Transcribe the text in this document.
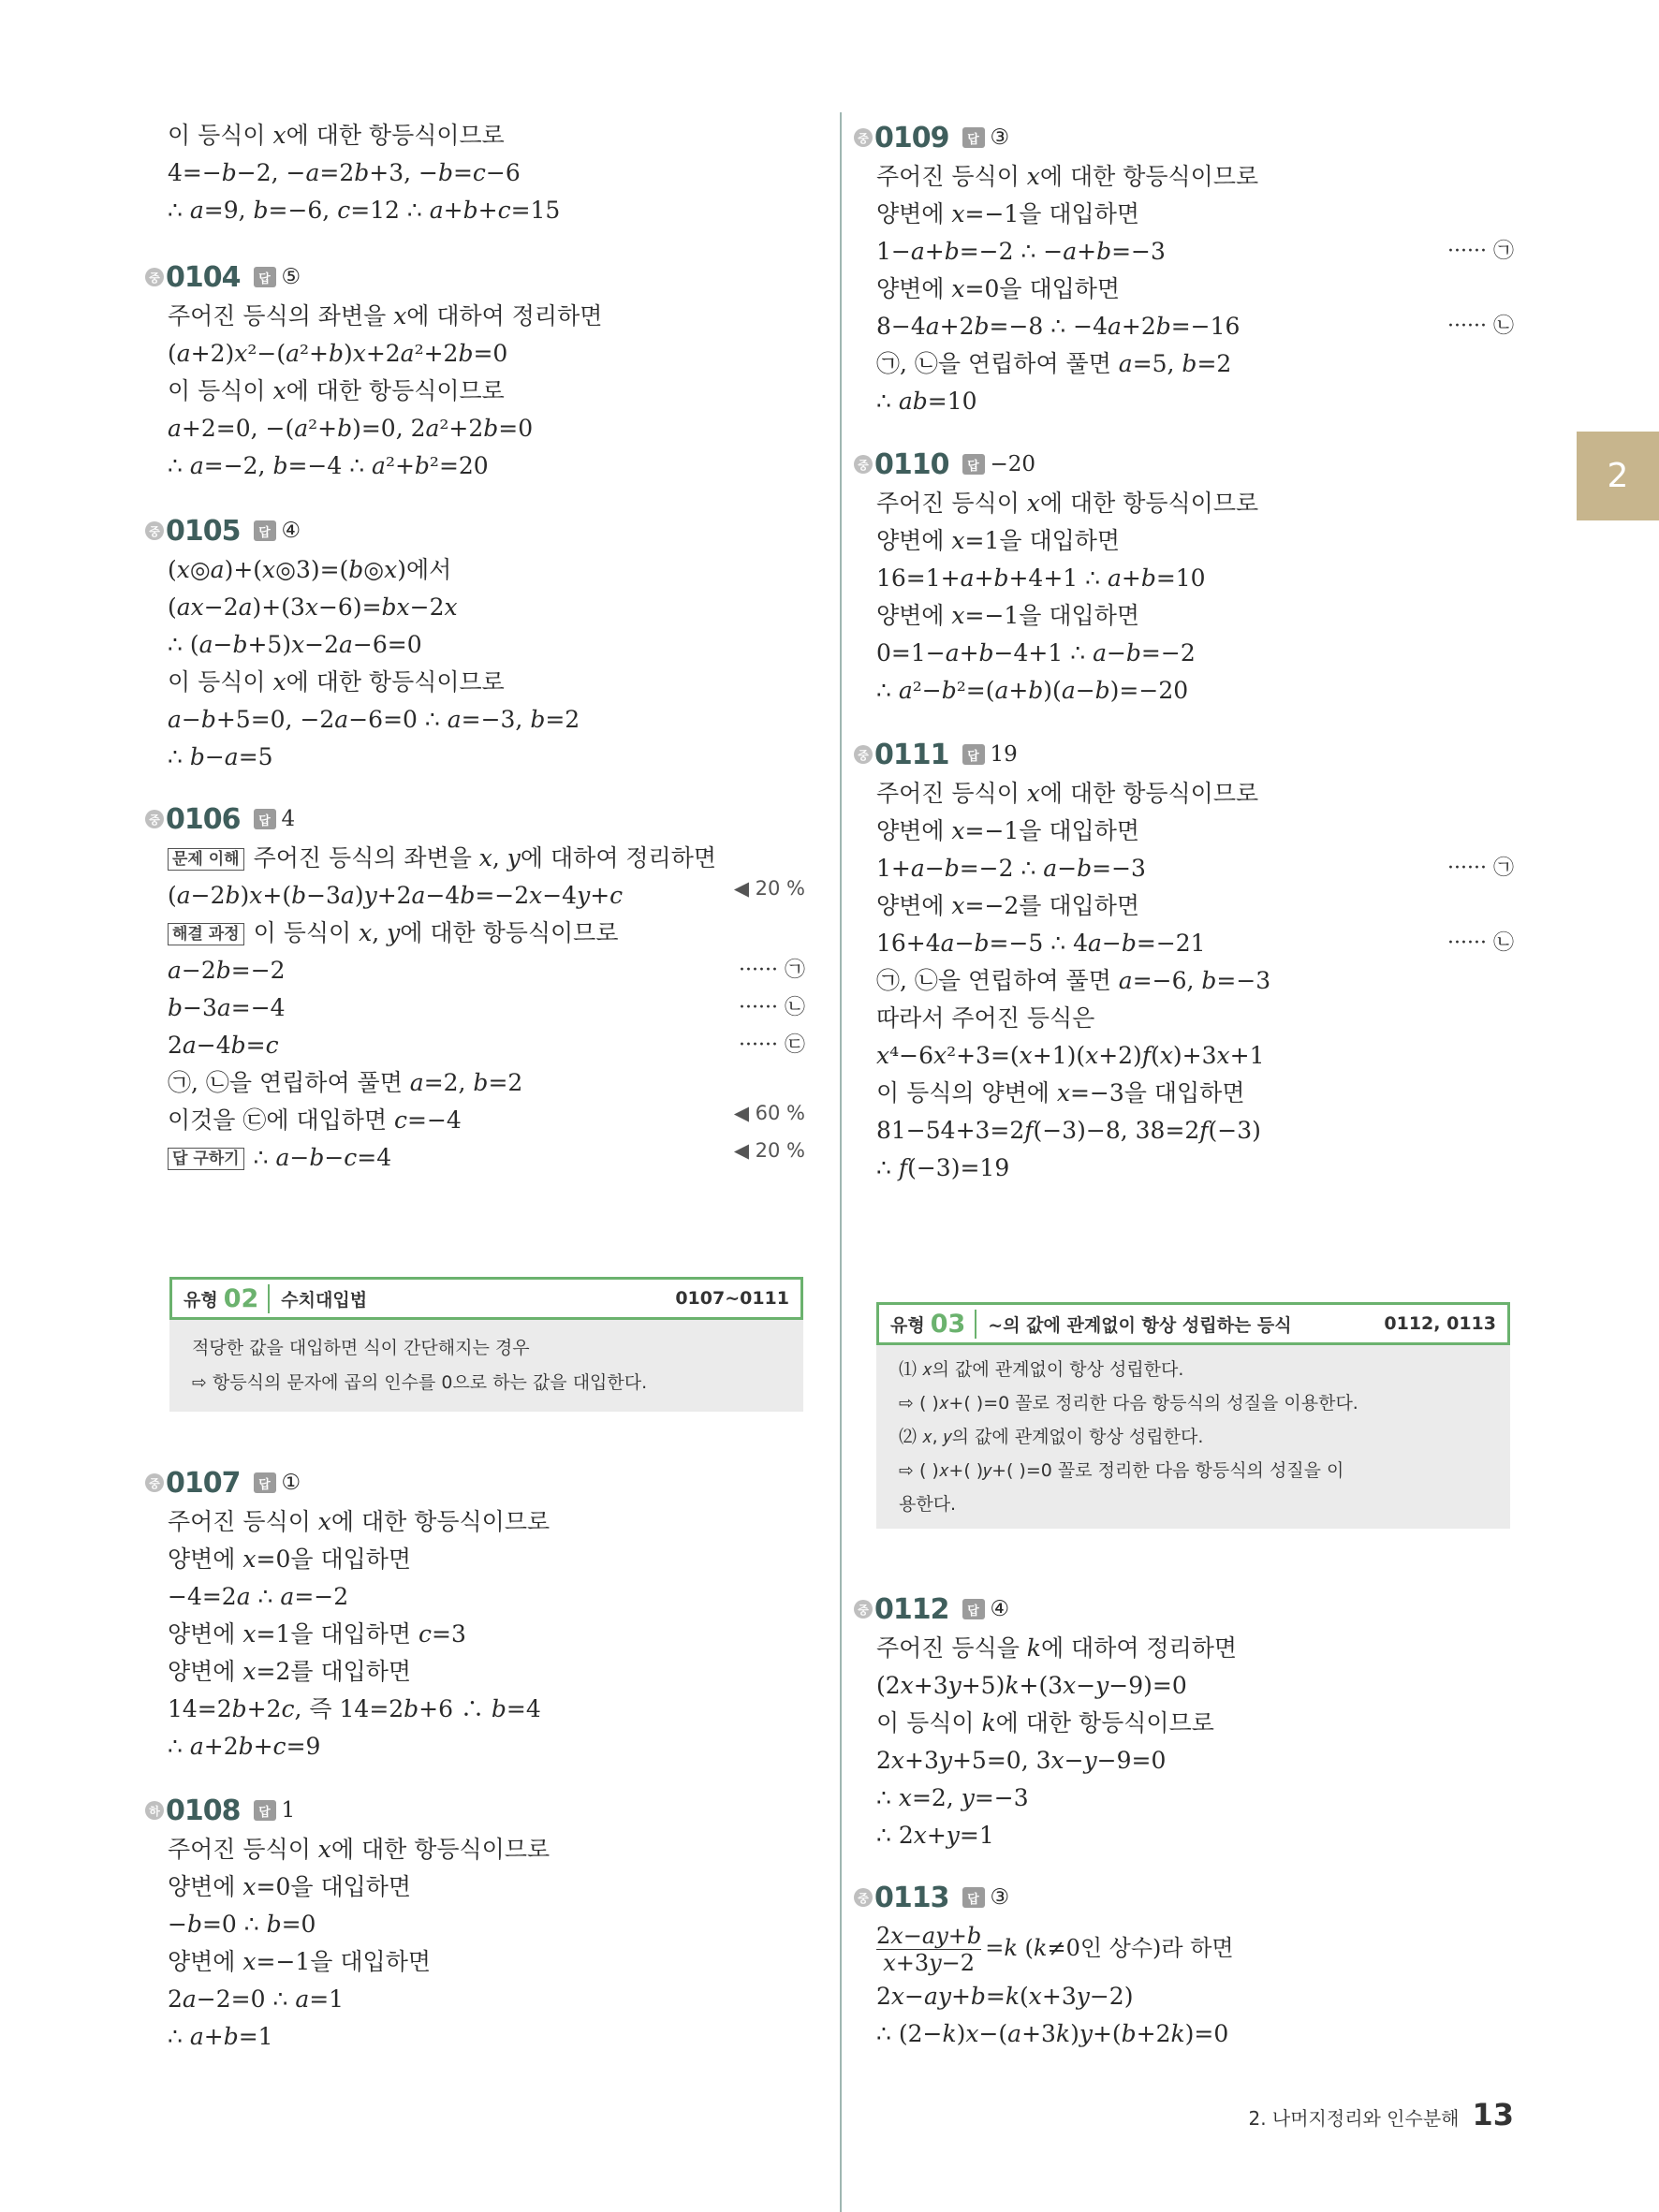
2
이 등식이 𝑥에 대한 항등식이므로
4=−𝑏−2, −𝑎=2𝑏+3, −𝑏=𝑐−6
∴ 𝑎=9, 𝑏=−6, 𝑐=12 ∴ 𝑎+𝑏+𝑐=15
중 0104	답 ⑤
주어진 등식의 좌변을 𝑥에 대하여 정리하면
(𝑎+2)𝑥²−(𝑎²+𝑏)𝑥+2𝑎²+2𝑏=0
이 등식이 𝑥에 대한 항등식이므로
𝑎+2=0, −(𝑎²+𝑏)=0, 2𝑎²+2𝑏=0
∴ 𝑎=−2, 𝑏=−4 ∴ 𝑎²+𝑏²=20
중 0105	답 ④
(𝑥◎𝑎)+(𝑥◎3)=(𝑏◎𝑥)에서
(𝑎𝑥−2𝑎)+(3𝑥−6)=𝑏𝑥−2𝑥
∴ (𝑎−𝑏+5)𝑥−2𝑎−6=0
이 등식이 𝑥에 대한 항등식이므로
𝑎−𝑏+5=0, −2𝑎−6=0 ∴ 𝑎=−3, 𝑏=2
∴ 𝑏−𝑎=5
중 0106	답 4
문제 이해 주어진 등식의 좌변을 𝑥, 𝑦에 대하여 정리하면
(𝑎−2𝑏)𝑥+(𝑏−3𝑎)𝑦+2𝑎−4𝑏=−2𝑥−4𝑦+𝑐	◀ 20 %
해결 과정 이 등식이 𝑥, 𝑦에 대한 항등식이므로
𝑎−2𝑏=−2	······ ㉠
𝑏−3𝑎=−4	······ ㉡
2𝑎−4𝑏=𝑐	······ ㉢
㉠, ㉡을 연립하여 풀면 𝑎=2, 𝑏=2
이것을 ㉢에 대입하면 𝑐=−4	◀ 60 %
답 구하기 ∴ 𝑎−𝑏−𝑐=4	◀ 20 %
유형 02	수치대입법	0107~0111
적당한 값을 대입하면 식이 간단해지는 경우
⇨ 항등식의 문자에 곱의 인수를 0으로 하는 값을 대입한다.
중 0107	답 ①
주어진 등식이 𝑥에 대한 항등식이므로
양변에 𝑥=0을 대입하면
−4=2𝑎 ∴ 𝑎=−2
양변에 𝑥=1을 대입하면 𝑐=3
양변에 𝑥=2를 대입하면
14=2𝑏+2𝑐, 즉 14=2𝑏+6 ∴ 𝑏=4
∴ 𝑎+2𝑏+𝑐=9
하 0108	답 1
주어진 등식이 𝑥에 대한 항등식이므로
양변에 𝑥=0을 대입하면
−𝑏=0 ∴ 𝑏=0
양변에 𝑥=−1을 대입하면
2𝑎−2=0 ∴ 𝑎=1
∴ 𝑎+𝑏=1
중 0109	답 ③
주어진 등식이 𝑥에 대한 항등식이므로
양변에 𝑥=−1을 대입하면
1−𝑎+𝑏=−2 ∴ −𝑎+𝑏=−3	······ ㉠
양변에 𝑥=0을 대입하면
8−4𝑎+2𝑏=−8 ∴ −4𝑎+2𝑏=−16	······ ㉡
㉠, ㉡을 연립하여 풀면 𝑎=5, 𝑏=2
∴ 𝑎𝑏=10
중 0110	답 −20
주어진 등식이 𝑥에 대한 항등식이므로
양변에 𝑥=1을 대입하면
16=1+𝑎+𝑏+4+1 ∴ 𝑎+𝑏=10
양변에 𝑥=−1을 대입하면
0=1−𝑎+𝑏−4+1 ∴ 𝑎−𝑏=−2
∴ 𝑎²−𝑏²=(𝑎+𝑏)(𝑎−𝑏)=−20
중 0111	답 19
주어진 등식이 𝑥에 대한 항등식이므로
양변에 𝑥=−1을 대입하면
1+𝑎−𝑏=−2 ∴ 𝑎−𝑏=−3	······ ㉠
양변에 𝑥=−2를 대입하면
16+4𝑎−𝑏=−5 ∴ 4𝑎−𝑏=−21	······ ㉡
㉠, ㉡을 연립하여 풀면 𝑎=−6, 𝑏=−3
따라서 주어진 등식은
𝑥⁴−6𝑥²+3=(𝑥+1)(𝑥+2)𝑓(𝑥)+3𝑥+1
이 등식의 양변에 𝑥=−3을 대입하면
81−54+3=2𝑓(−3)−8, 38=2𝑓(−3)
∴ 𝑓(−3)=19
유형 03	~의 값에 관계없이 항상 성립하는 등식	0112, 0113
⑴ 𝑥의 값에 관계없이 항상 성립한다.
⇨ ( )𝑥+( )=0 꼴로 정리한 다음 항등식의 성질을 이용한다.
⑵ 𝑥, 𝑦의 값에 관계없이 항상 성립한다.
⇨ ( )𝑥+( )𝑦+( )=0 꼴로 정리한 다음 항등식의 성질을 이
용한다.
중 0112	답 ④
주어진 등식을 𝑘에 대하여 정리하면
(2𝑥+3𝑦+5)𝑘+(3𝑥−𝑦−9)=0
이 등식이 𝑘에 대한 항등식이므로
2𝑥+3𝑦+5=0, 3𝑥−𝑦−9=0
∴ 𝑥=2, 𝑦=−3
∴ 2𝑥+𝑦=1
중 0113	답 ③
$\frac{\text{2𝑥−𝑎𝑦+𝑏}}{\text{𝑥+3𝑦−2}}$ =𝑘 (𝑘≠0인 상수)라 하면
2𝑥−𝑎𝑦+𝑏=𝑘(𝑥+3𝑦−2)
∴ (2−𝑘)𝑥−(𝑎+3𝑘)𝑦+(𝑏+2𝑘)=0
2. 나머지정리와 인수분해 13
